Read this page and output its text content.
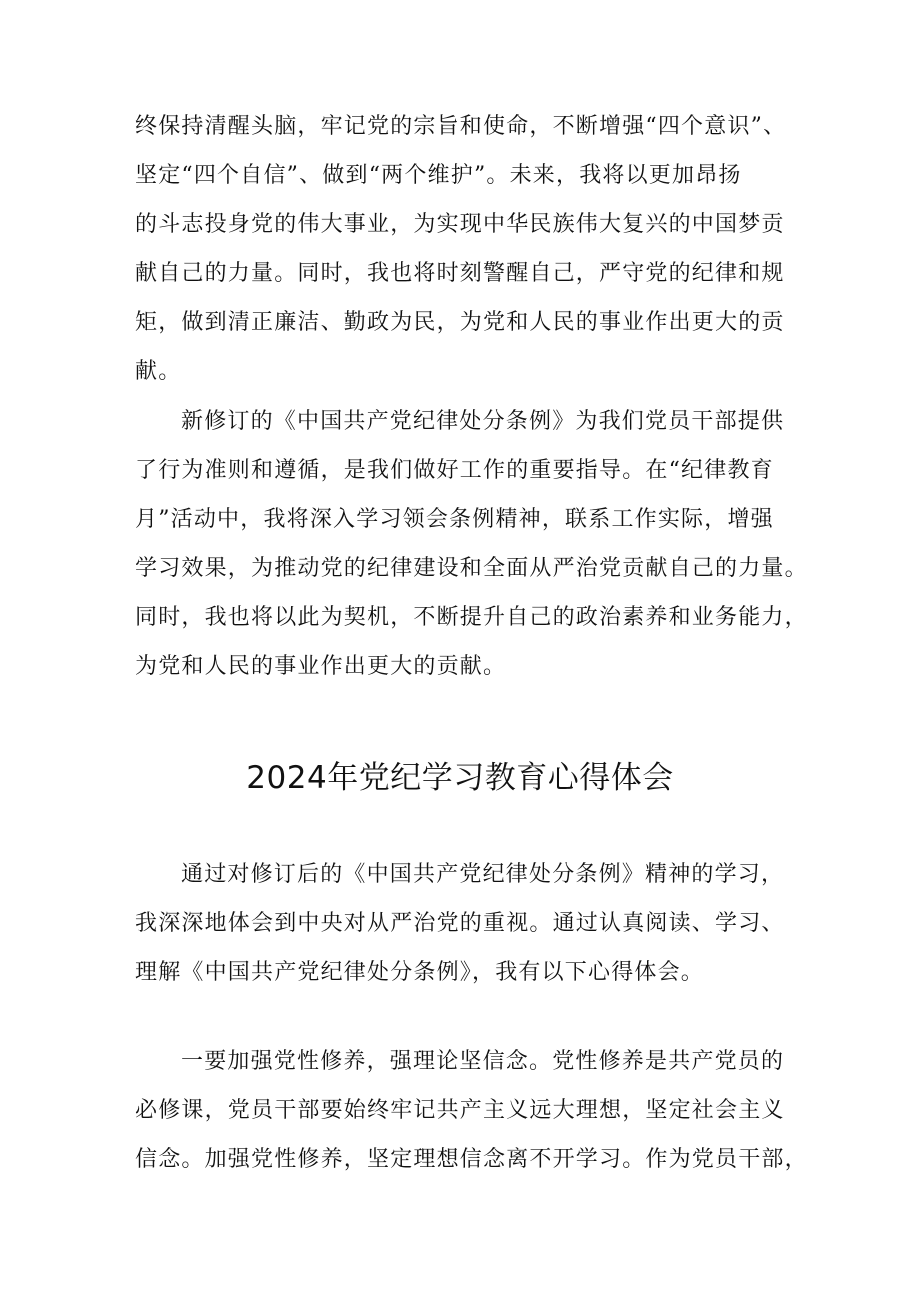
终保持清醒头脑，牢记党的宗旨和使命，不断增强“四个意识”、
坚定“四个自信”、做到“两个维护”。未来，我将以更加昂扬
的斗志投身党的伟大事业，为实现中华民族伟大复兴的中国梦贡
献自己的力量。同时，我也将时刻警醒自己，严守党的纪律和规
矩，做到清正廉洁、勤政为民，为党和人民的事业作出更大的贡
献。
新修订的《中国共产党纪律处分条例》为我们党员干部提供
了行为准则和遵循，是我们做好工作的重要指导。在“纪律教育
月”活动中，我将深入学习领会条例精神，联系工作实际，增强
学习效果，为推动党的纪律建设和全面从严治党贡献自己的力量。
同时，我也将以此为契机，不断提升自己的政治素养和业务能力，
为党和人民的事业作出更大的贡献。
2024年党纪学习教育心得体会
通过对修订后的《中国共产党纪律处分条例》精神的学习，
我深深地体会到中央对从严治党的重视。通过认真阅读、学习、
理解《中国共产党纪律处分条例》，我有以下心得体会。
一要加强党性修养，强理论坚信念。党性修养是共产党员的
必修课，党员干部要始终牢记共产主义远大理想，坚定社会主义
信念。加强党性修养，坚定理想信念离不开学习。作为党员干部，
